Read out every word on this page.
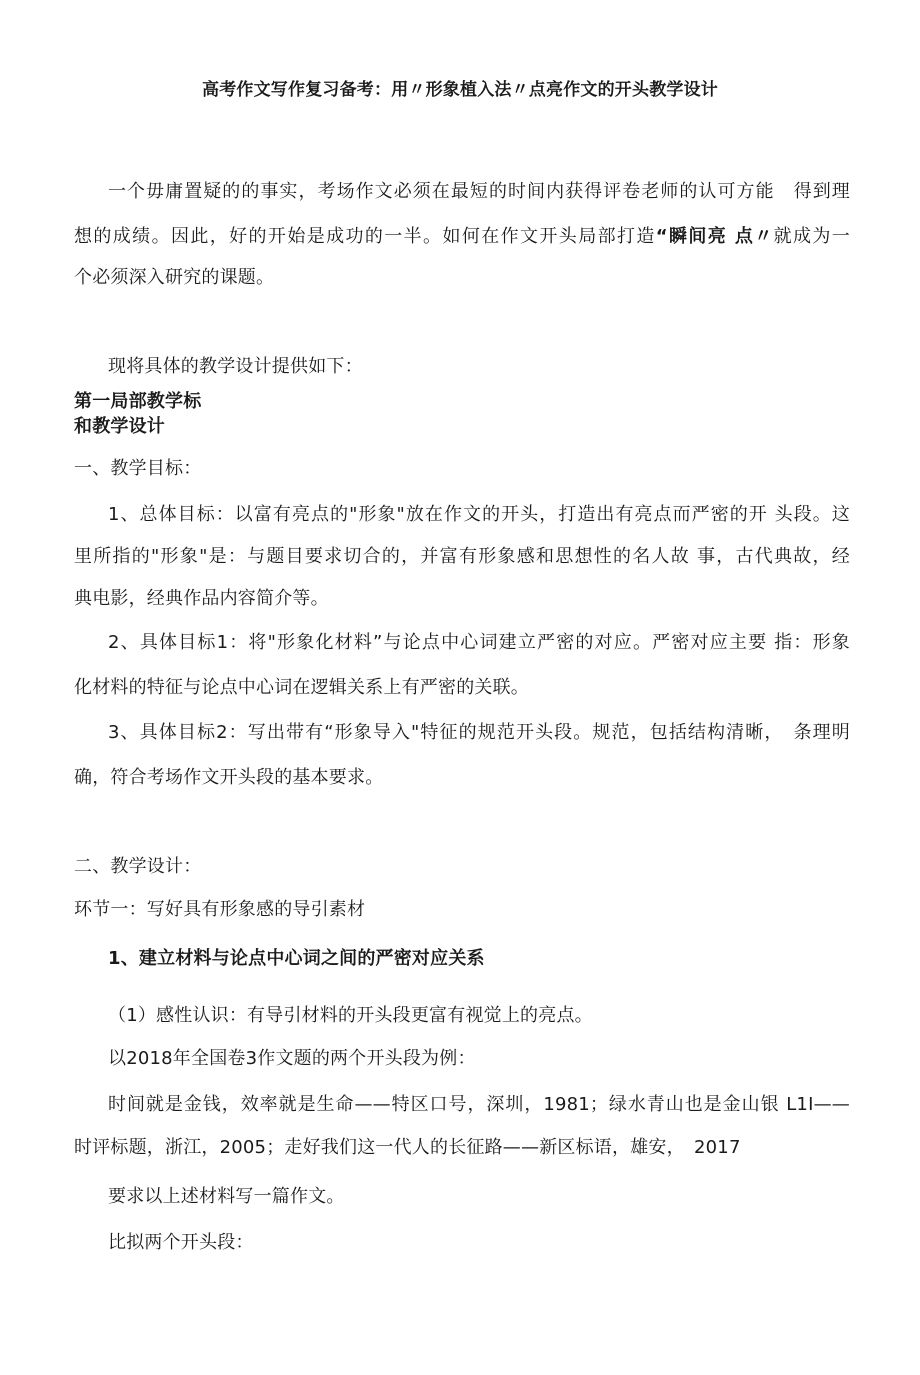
高考作文写作复习备考：用〃形象植入法〃点亮作文的开头教学设计
一个毋庸置疑的的事实，考场作文必须在最短的时间内获得评卷老师的认可方能　得到理
想的成绩。因此，好的开始是成功的一半。如何在作文开头局部打造“瞬间亮 点〃就成为一
个必须深入研究的课题。
现将具体的教学设计提供如下：
第一局部教学标
和教学设计
一、教学目标：
1、总体目标：以富有亮点的"形象"放在作文的开头，打造出有亮点而严密的开 头段。这
里所指的"形象"是：与题目要求切合的，并富有形象感和思想性的名人故 事，古代典故，经
典电影，经典作品内容简介等。
2、具体目标1：将"形象化材料”与论点中心词建立严密的对应。严密对应主要 指：形象
化材料的特征与论点中心词在逻辑关系上有严密的关联。
3、具体目标2：写出带有“形象导入"特征的规范开头段。规范，包括结构清晰，　条理明
确，符合考场作文开头段的基本要求。
二、教学设计：
环节一：写好具有形象感的导引素材
1、建立材料与论点中心词之间的严密对应关系
（1）感性认识：有导引材料的开头段更富有视觉上的亮点。
以2018年全国卷3作文题的两个开头段为例：
时间就是金钱，效率就是生命——特区口号，深圳，1981；绿水青山也是金山银 L1I——
时评标题，浙江，2005；走好我们这一代人的长征路——新区标语，雄安，　2017
要求以上述材料写一篇作文。
比拟两个开头段：
